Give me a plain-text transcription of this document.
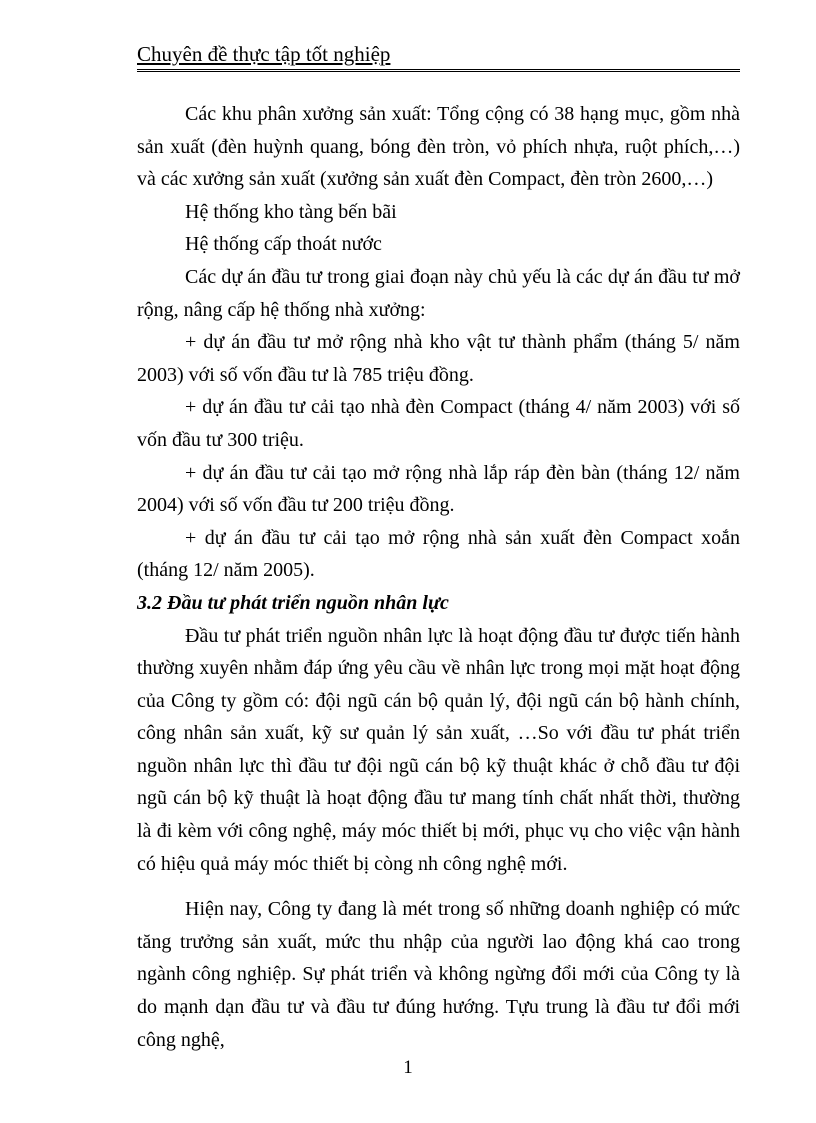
Chuyên đề thực tập tốt nghiệp

Các khu phân xưởng sản xuất: Tổng cộng có 38 hạng mục, gồm nhà sản xuất (đèn huỳnh quang, bóng đèn tròn, vỏ phích nhựa, ruột phích,…) và các xưởng sản xuất (xưởng sản xuất đèn Compact, đèn tròn 2600,…)

Hệ thống kho tàng bến bãi

Hệ thống cấp thoát nước

Các dự án đầu tư trong giai đoạn này chủ yếu là các dự án đầu tư mở rộng, nâng cấp hệ thống nhà xưởng:

+ dự án đầu tư mở rộng nhà kho vật tư thành phẩm (tháng 5/ năm 2003) với số vốn đầu tư là 785 triệu đồng.

+ dự án đầu tư cải tạo nhà đèn Compact (tháng 4/ năm 2003) với số vốn đầu tư 300 triệu.

+ dự án đầu tư cải tạo mở rộng nhà lắp ráp đèn bàn (tháng 12/ năm 2004) với số vốn đầu tư 200 triệu đồng.

+ dự án đầu tư cải tạo mở rộng nhà sản xuất đèn Compact xoắn (tháng 12/ năm 2005).

3.2 Đầu tư phát triển nguồn nhân lực

Đầu tư phát triển nguồn nhân lực là hoạt động đầu tư được tiến hành thường xuyên nhằm đáp ứng yêu cầu về nhân lực trong mọi mặt hoạt động của Công ty gồm có: đội ngũ cán bộ quản lý, đội ngũ cán bộ hành chính, công nhân sản xuất, kỹ sư quản lý sản xuất, …So với đầu tư phát triển nguồn nhân lực thì đầu tư đội ngũ cán bộ kỹ thuật khác ở chỗ đầu tư đội ngũ cán bộ kỹ thuật là hoạt động đầu tư mang tính chất nhất thời, thường là đi kèm với công nghệ, máy móc thiết bị mới, phục vụ cho việc vận hành có hiệu quả máy móc thiết bị còng nh công nghệ mới.

Hiện nay, Công ty đang là mét trong số những doanh nghiệp có mức tăng trưởng sản xuất, mức thu nhập của người lao động khá cao trong ngành công nghiệp. Sự phát triển và không ngừng đổi mới của Công ty là do mạnh dạn đầu tư và đầu tư đúng hướng. Tựu trung là đầu tư đổi mới công nghệ,

1
